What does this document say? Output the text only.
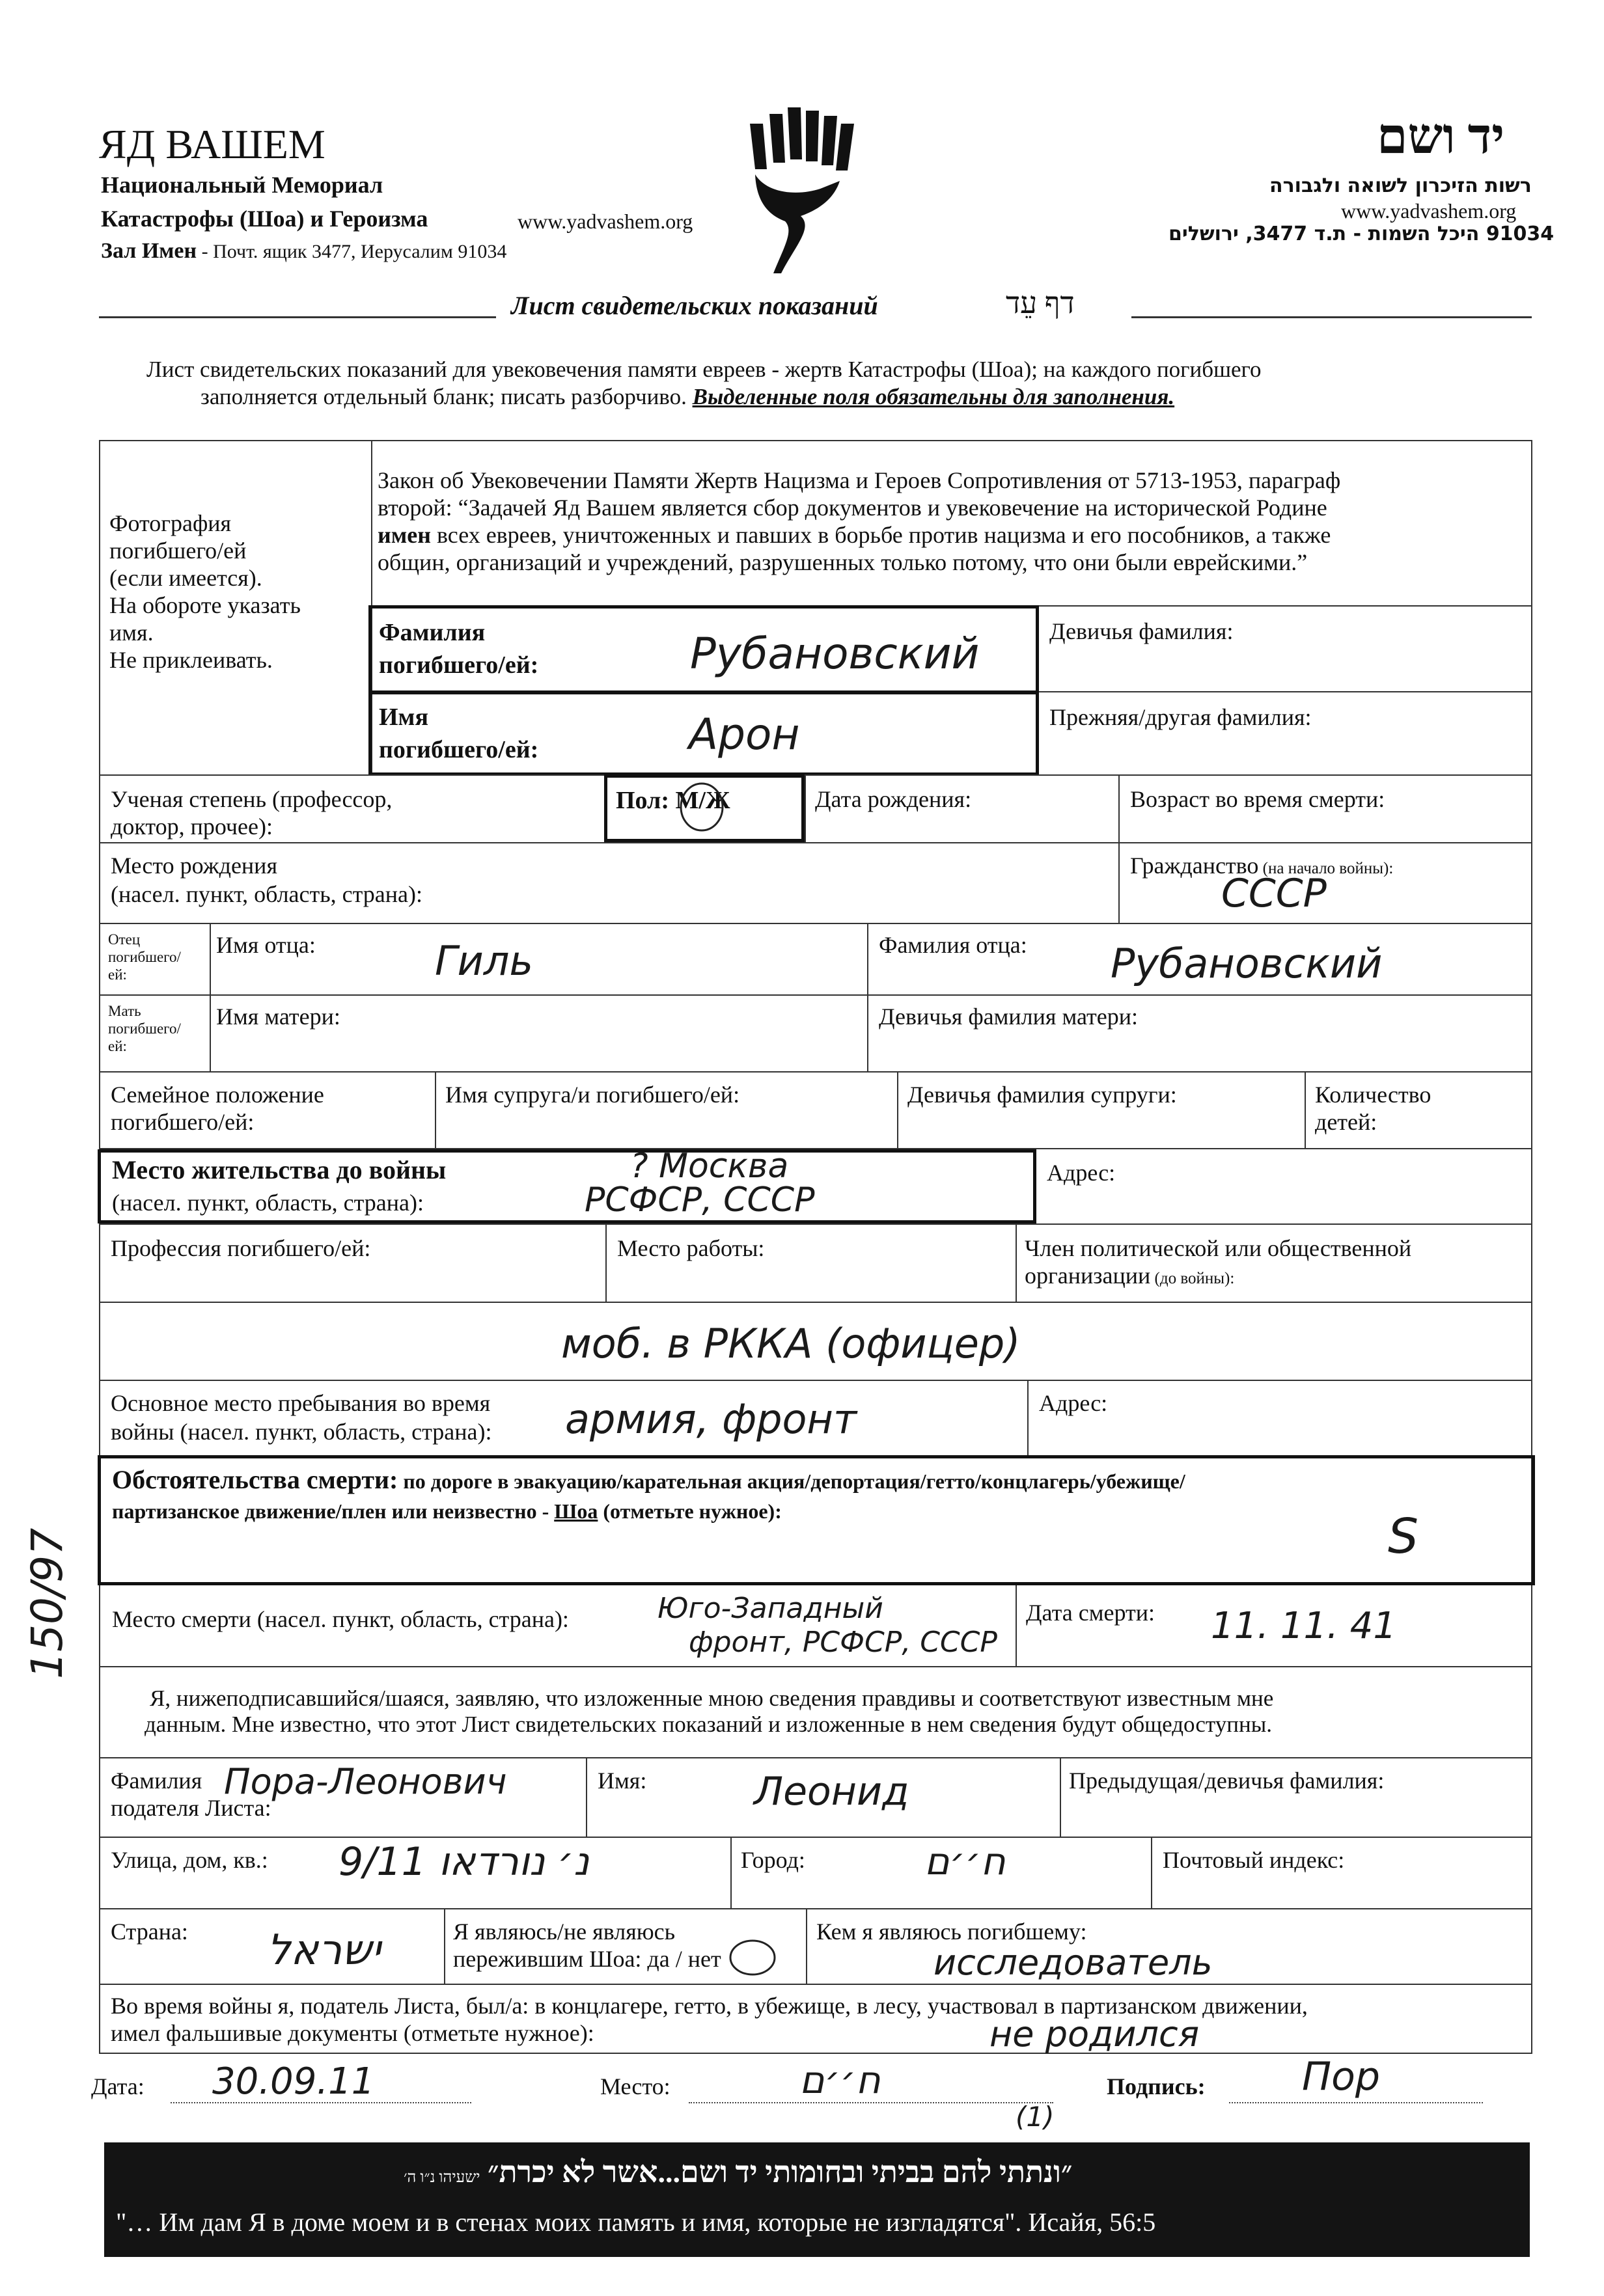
ЯД ВАШЕМ
Национальный Мемориал
Катастрофы (Шоа) и Героизма	www.yadvashem.org
Зал Имен - Почт. ящик 3477, Иерусалим 91034
יד ושם
רשות הזיכרון לשואה ולגבורה
www.yadvashem.org
91034 היכל השמות - ת.ד 3477, ירושלים
Лист свидетельских показаний	דף עֵד
Лист свидетельских показаний для увековечения памяти евреев - жертв Катастрофы (Шоа); на каждого погибшего
заполняется отдельный бланк; писать разборчиво. Выделенные поля обязательны для заполнения.
Фотография
погибшего/ей
(если имеется).
На обороте указать
имя.
Не приклеивать.
Закон об Увековечении Памяти Жертв Нацизма и Героев Сопротивления от 5713-1953, параграф
второй: “Задачей Яд Вашем является сбор документов и увековечение на исторической Родине
имен всех евреев, уничтоженных и павших в борьбе против нацизма и его пособников, а также
общин, организаций и учреждений, разрушенных только потому, что они были еврейскими.”
Фамилия
погибшего/ей:	Рубановский	Девичья фамилия:
Имя
погибшего/ей:	Арон	Прежняя/другая фамилия:
Ученая степень (профессор,
доктор, прочее):
Пол: М/Ж	Дата рождения:	Возраст во время смерти:
Место рождения
(насел. пункт, область, страна):
Гражданство (на начало войны):
СССР
Отец
погибшего/
ей:
Имя отца:	Гиль	Фамилия отца: Рубановский
Мать
погибшего/
ей:
Имя матери:	Девичья фамилия матери:
Семейное положение
погибшего/ей:
Имя супруга/и погибшего/ей:	Девичья фамилия супруги:	Количество
детей:
Место жительства до войны
(насел. пункт, область, страна):
? Москва
РСФСР, СССР
Адрес:
Профессия погибшего/ей:	Место работы:	Член политической или общественной
организации (до войны):
моб. в РККА (офицер)
Основное место пребывания во время
войны (насел. пункт, область, страна): армия, фронт	Адрес:
Обстоятельства смерти: по дороге в эвакуацию/карательная акция/депортация/гетто/концлагерь/убежище/
партизанское движение/плен или неизвестно - Шоа (отметьте нужное):	S
Место смерти (насел. пункт, область, страна):	Юго-Западный
фронт, РСФСР, СССР
Дата смерти: 11. 11. 41
150/97
Я, нижеподписавшийся/шаяся, заявляю, что изложенные мною сведения правдивы и соответствуют известным мне
данным. Мне известно, что этот Лист свидетельских показаний и изложенные в нем сведения будут общедоступны.
Фамилия
подателя Листа:
Пора-Леонович	Имя:	Леонид	Предыдущая/девичья фамилия:
Улица, дом, кв.: 9/11 נ׳ נורדאו	Город:	ח׳׳ם	Почтовый индекс:
Страна: ישראל	Я являюсь/не являюсь
пережившим Шоа: да / нет
Кем я являюсь погибшему:
исследователь
Во время войны я, податель Листа, был/а: в концлагере, гетто, в убежище, в лесу, участвовал в партизанском движении,
имел фальшивые документы (отметьте нужное):	не родился
Дата: 30.09.11	Место:	ח׳׳ם	Подпись: Пор
(1)
״ונתתי להם בביתי ובחומותי יד ושם...אשר לא יכרת״ ישעיהו נ״ו ה׳
"… Им дам Я в доме моем и в стенах моих память и имя, которые не изгладятся". Исайя, 56:5
